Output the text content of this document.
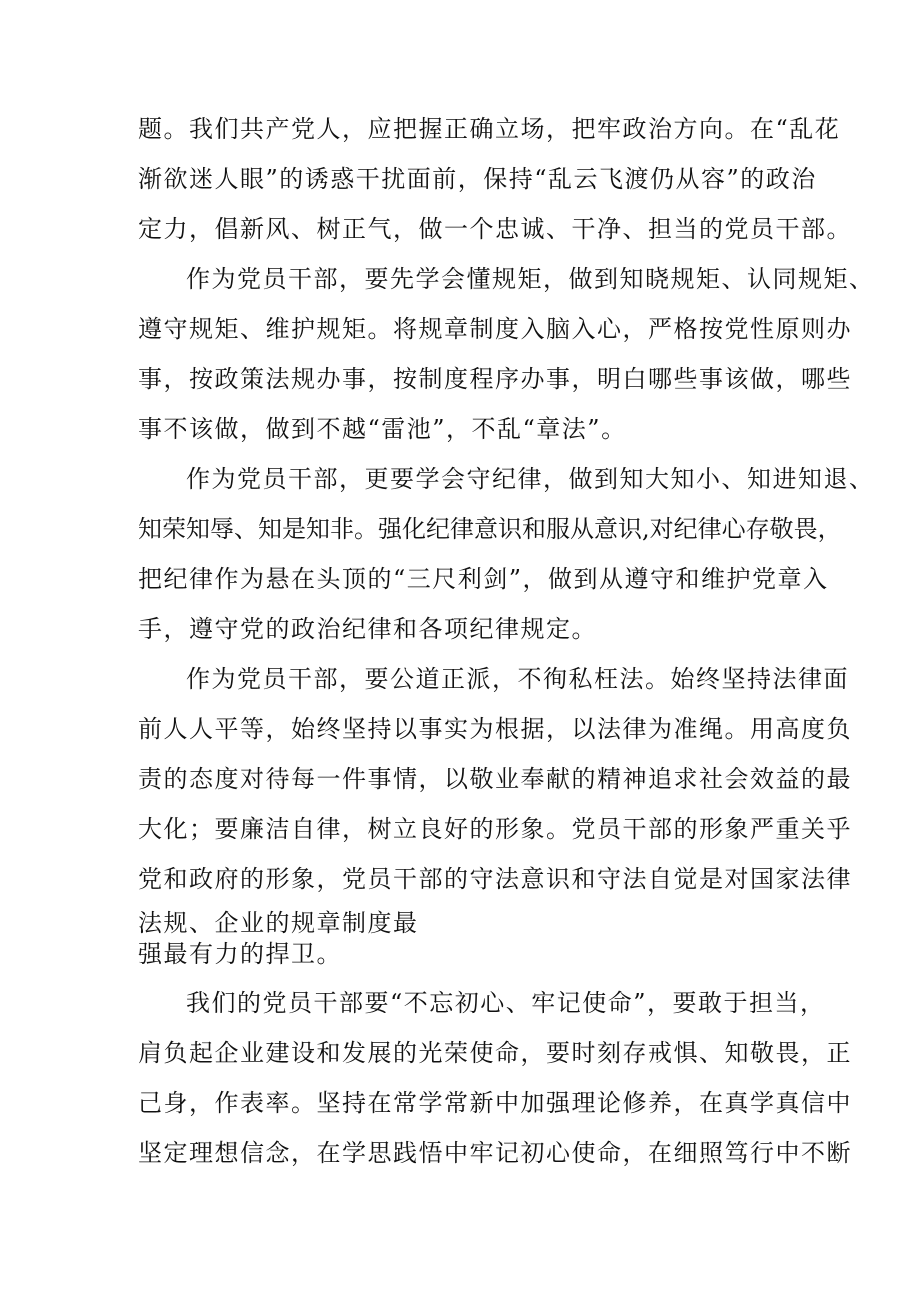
题。我们共产党人，应把握正确立场，把牢政治方向。在“乱花
渐欲迷人眼”的诱惑干扰面前，保持“乱云飞渡仍从容”的政治
定力，倡新风、树正气，做一个忠诚、干净、担当的党员干部。
作为党员干部，要先学会懂规矩，做到知晓规矩、认同规矩、
遵守规矩、维护规矩。将规章制度入脑入心，严格按党性原则办
事，按政策法规办事，按制度程序办事，明白哪些事该做，哪些
事不该做，做到不越“雷池”，不乱“章法”。
作为党员干部，更要学会守纪律，做到知大知小、知进知退、
知荣知辱、知是知非。强化纪律意识和服从意识,对纪律心存敬畏，
把纪律作为悬在头顶的“三尺利剑”，做到从遵守和维护党章入
手，遵守党的政治纪律和各项纪律规定。
作为党员干部，要公道正派，不徇私枉法。始终坚持法律面
前人人平等，始终坚持以事实为根据，以法律为准绳。用高度负
责的态度对待每一件事情，以敬业奉献的精神追求社会效益的最
大化；要廉洁自律，树立良好的形象。党员干部的形象严重关乎
党和政府的形象，党员干部的守法意识和守法自觉是对国家法律
法规、企业的规章制度最
强最有力的捍卫。
我们的党员干部要“不忘初心、牢记使命”，要敢于担当，
肩负起企业建设和发展的光荣使命，要时刻存戒惧、知敬畏，正
己身，作表率。坚持在常学常新中加强理论修养，在真学真信中
坚定理想信念，在学思践悟中牢记初心使命，在细照笃行中不断
